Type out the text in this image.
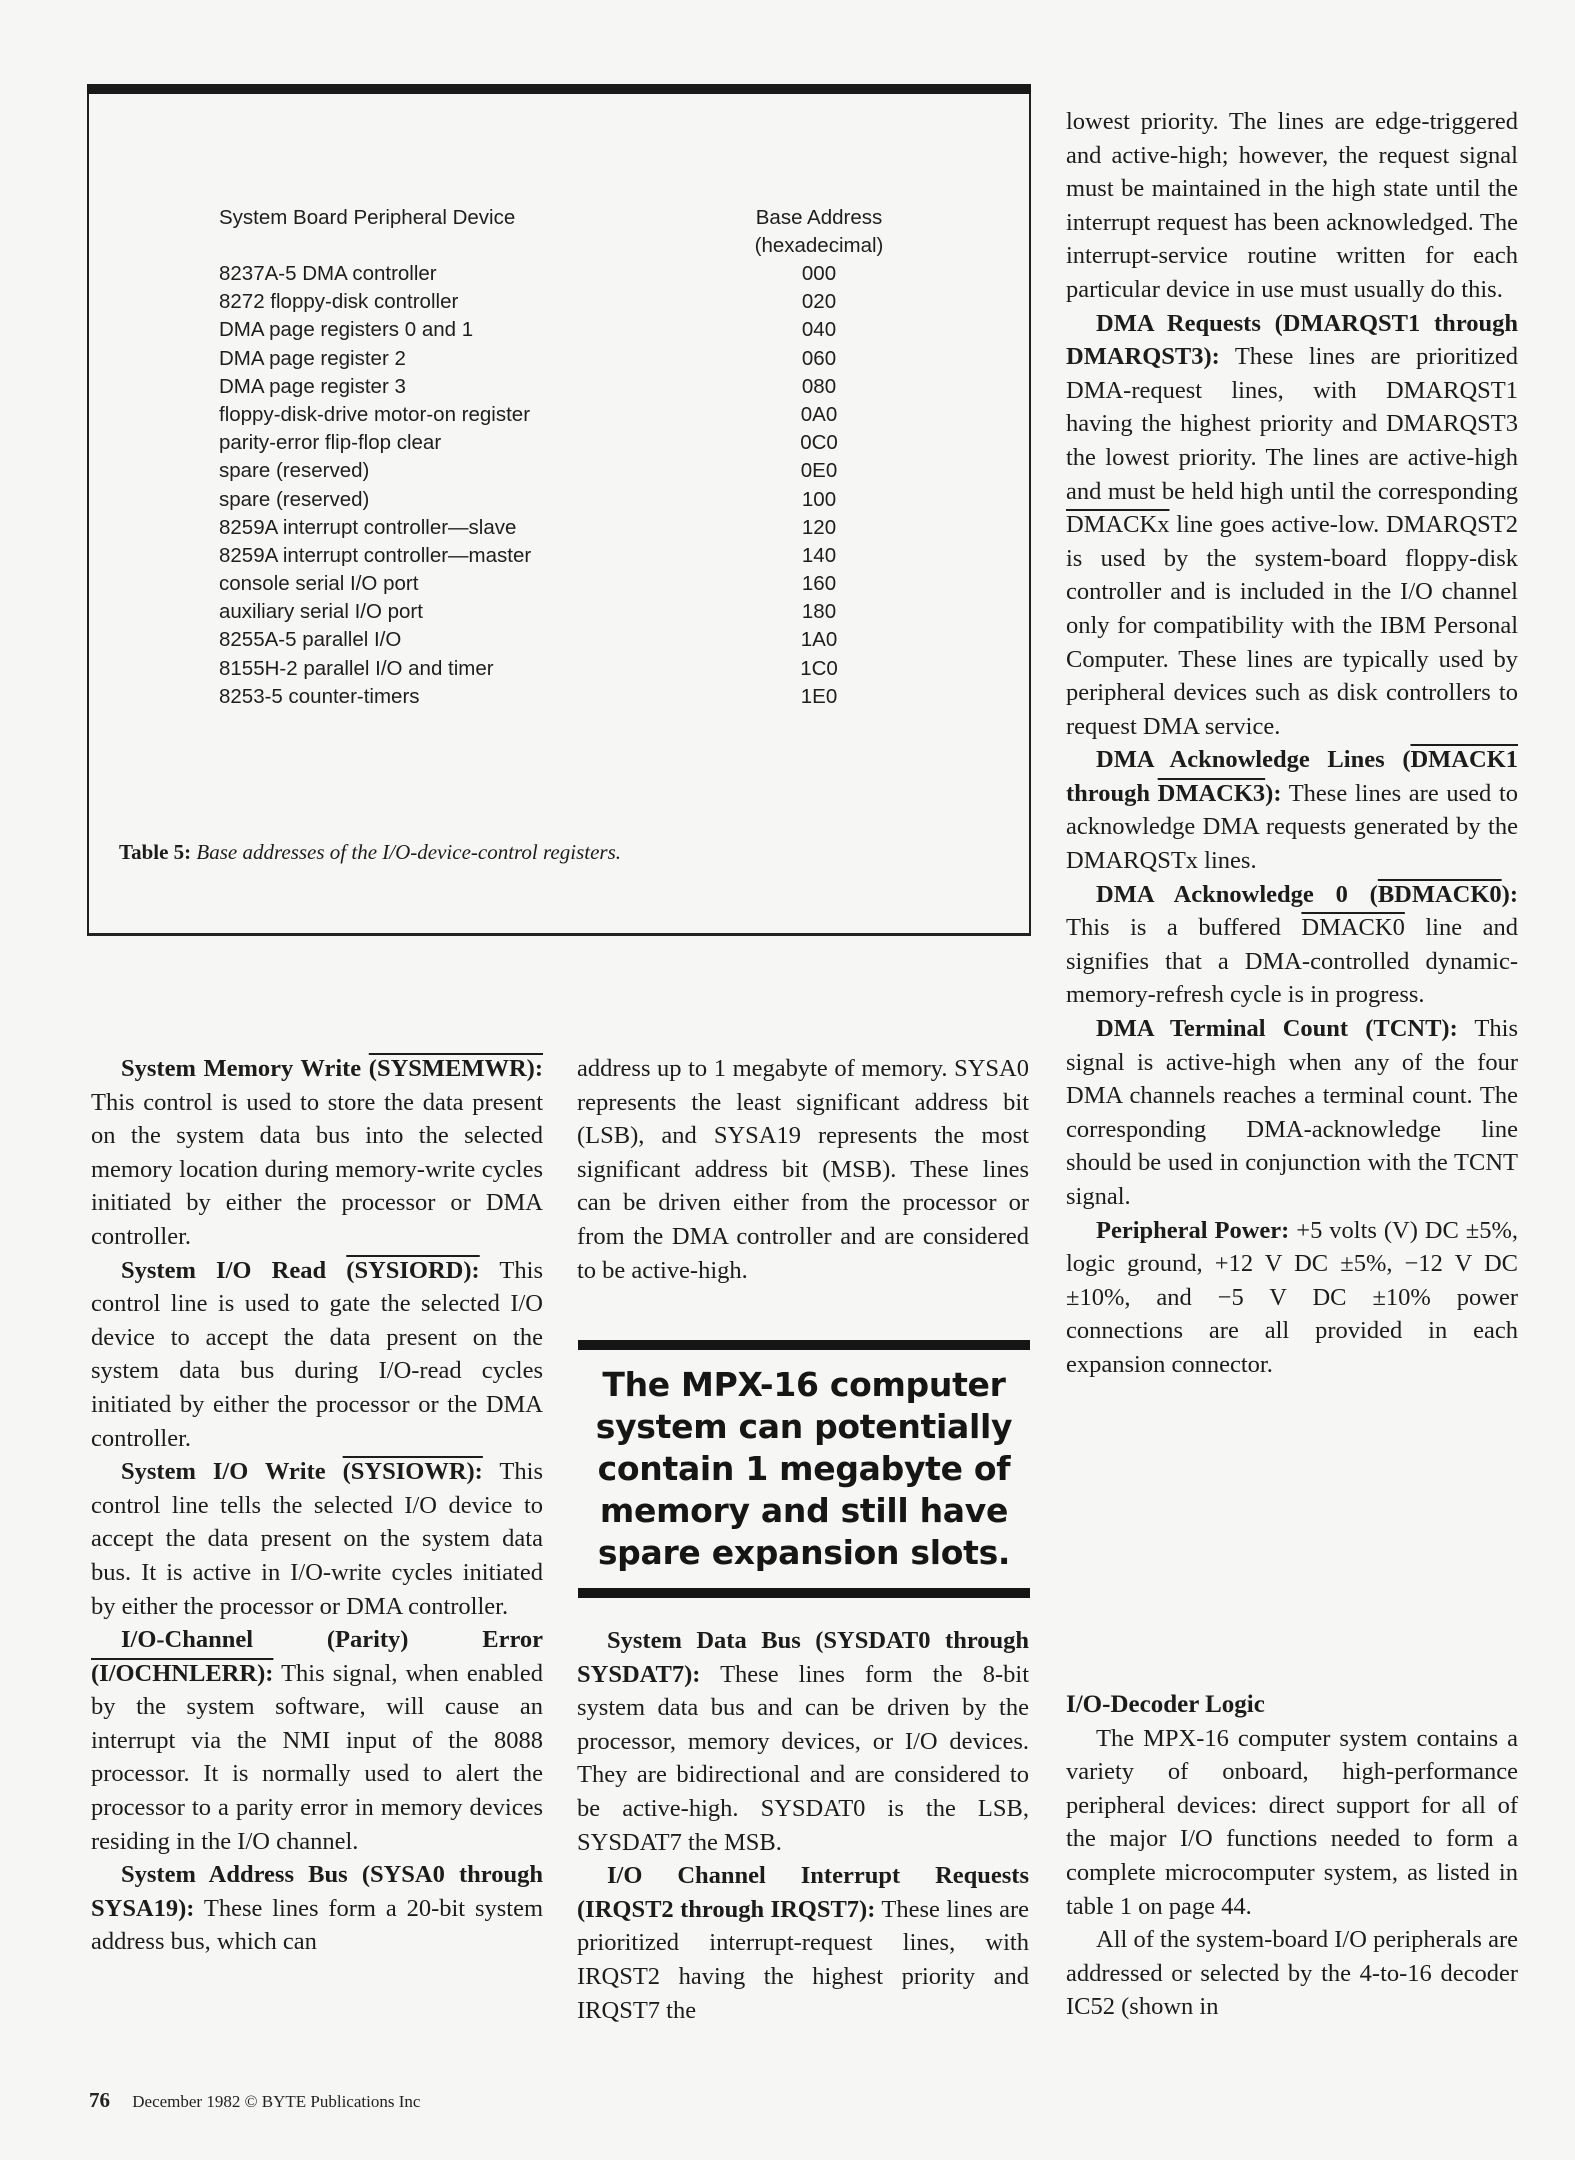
System Board Peripheral Device	Base Address
(hexadecimal)
8237A-5 DMA controller	000
8272 floppy-disk controller	020
DMA page registers 0 and 1	040
DMA page register 2	060
DMA page register 3	080
floppy-disk-drive motor-on register	0A0
parity-error flip-flop clear	0C0
spare (reserved)	0E0
spare (reserved)	100
8259A interrupt controller—slave	120
8259A interrupt controller—master	140
console serial I/O port	160
auxiliary serial I/O port	180
8255A-5 parallel I/O	1A0
8155H-2 parallel I/O and timer	1C0
8253-5 counter-timers	1E0
Table 5: Base addresses of the I/O-device-control registers.

System Memory Write (SYSMEMWR): This control is used to store the data present on the system data bus into the selected memory location during memory-write cycles initiated by either the processor or DMA controller.

System I/O Read (SYSIORD): This control line is used to gate the selected I/O device to accept the data present on the system data bus during I/O-read cycles initiated by either the processor or the DMA controller.

System I/O Write (SYSIOWR): This control line tells the selected I/O device to accept the data present on the system data bus. It is active in I/O-write cycles initiated by either the processor or DMA controller.

I/O-Channel (Parity) Error (I/OCHNLERR): This signal, when enabled by the system software, will cause an interrupt via the NMI input of the 8088 processor. It is normally used to alert the processor to a parity error in memory devices residing in the I/O channel.

System Address Bus (SYSA0 through SYSA19): These lines form a 20-bit system address bus, which can

address up to 1 megabyte of memory. SYSA0 represents the least significant address bit (LSB), and SYSA19 represents the most significant address bit (MSB). These lines can be driven either from the processor or from the DMA controller and are considered to be active-high.

The MPX-16 computer system can potentially contain 1 megabyte of memory and still have spare expansion slots.

System Data Bus (SYSDAT0 through SYSDAT7): These lines form the 8-bit system data bus and can be driven by the processor, memory devices, or I/O devices. They are bidirectional and are considered to be active-high. SYSDAT0 is the LSB, SYSDAT7 the MSB.

I/O Channel Interrupt Requests (IRQST2 through IRQST7): These lines are prioritized interrupt-request lines, with IRQST2 having the highest priority and IRQST7 the

lowest priority. The lines are edge-triggered and active-high; however, the request signal must be maintained in the high state until the interrupt request has been acknowledged. The interrupt-service routine written for each particular device in use must usually do this.

DMA Requests (DMARQST1 through DMARQST3): These lines are prioritized DMA-request lines, with DMARQST1 having the highest priority and DMARQST3 the lowest priority. The lines are active-high and must be held high until the corresponding DMACKx line goes active-low. DMARQST2 is used by the system-board floppy-disk controller and is included in the I/O channel only for compatibility with the IBM Personal Computer. These lines are typically used by peripheral devices such as disk controllers to request DMA service.

DMA Acknowledge Lines (DMACK1 through DMACK3): These lines are used to acknowledge DMA requests generated by the DMARQSTx lines.

DMA Acknowledge 0 (BDMACK0): This is a buffered DMACK0 line and signifies that a DMA-controlled dynamic-memory-refresh cycle is in progress.

DMA Terminal Count (TCNT): This signal is active-high when any of the four DMA channels reaches a terminal count. The corresponding DMA-acknowledge line should be used in conjunction with the TCNT signal.

Peripheral Power: +5 volts (V) DC ±5%, logic ground, +12 V DC ±5%, −12 V DC ±10%, and −5 V DC ±10% power connections are all provided in each expansion connector.

I/O-Decoder Logic

The MPX-16 computer system contains a variety of onboard, high-performance peripheral devices: direct support for all of the major I/O functions needed to form a complete microcomputer system, as listed in table 1 on page 44.

All of the system-board I/O peripherals are addressed or selected by the 4-to-16 decoder IC52 (shown in

76 December 1982 © BYTE Publications Inc
